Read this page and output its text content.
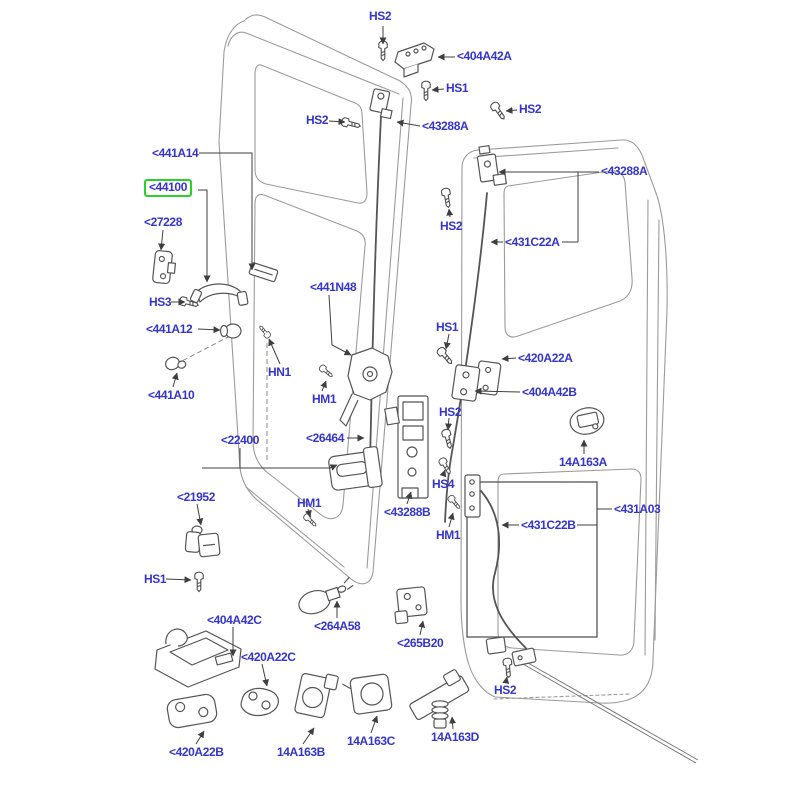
HS2
<404A42A
HS1
HS2
<43288A
HS2
<441A14
<44100
<43288A
<27228	HS2
<431C22A
<441N48
HS3
<441A12	HS1
<420A22A
HN1
<404A42B
<441A10	HM1
HS2
<22400	<26464
14A163A
HS4
<21952
<43288B	<431A03
<431C22B
HM1
HM1
HS1
<404A42C	<264A58
<420A22C
<265B20
HS2
<420A22B	14A163B
14A163C	14A163D
